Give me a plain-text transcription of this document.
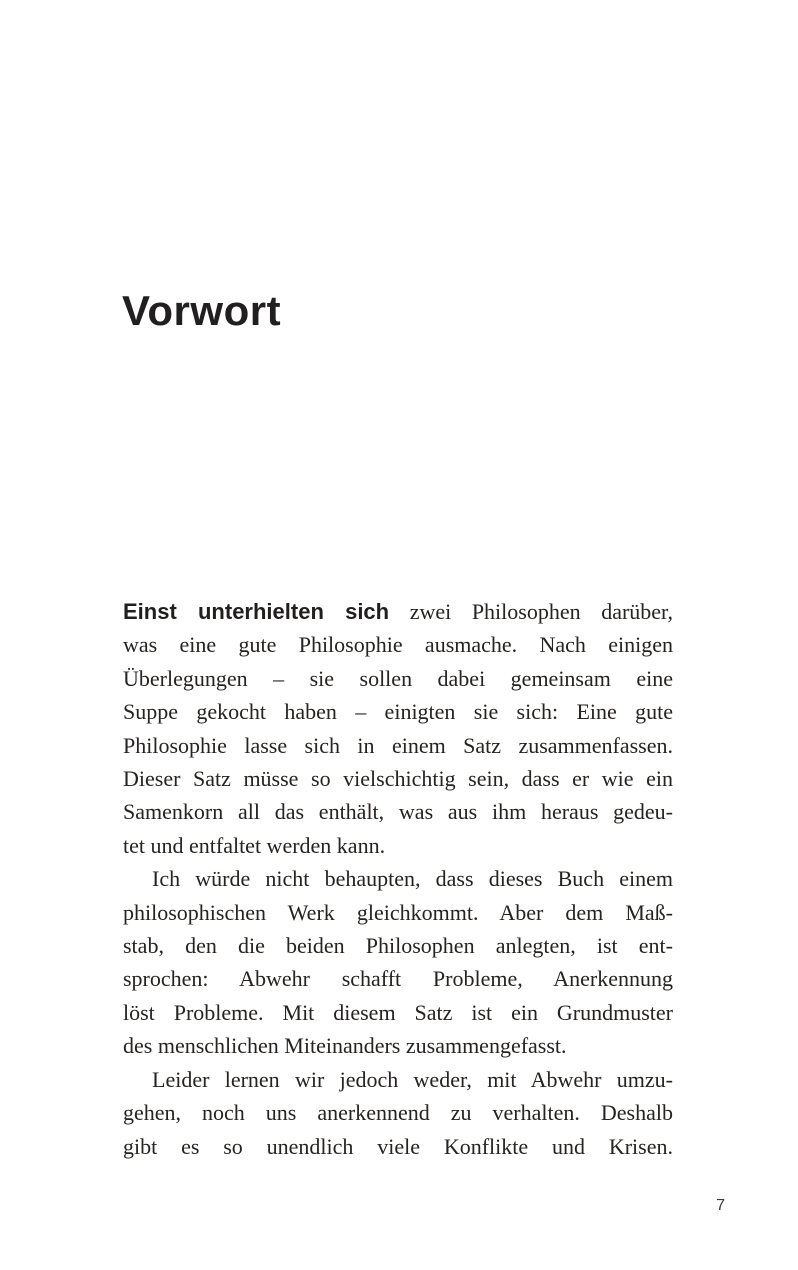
Vorwort
Einst unterhielten sich zwei Philosophen darüber,
was eine gute Philosophie ausmache. Nach einigen
Überlegungen – sie sollen dabei gemeinsam eine
Suppe gekocht haben – einigten sie sich: Eine gute
Philosophie lasse sich in einem Satz zusammenfassen.
Dieser Satz müsse so vielschichtig sein, dass er wie ein
Samenkorn all das enthält, was aus ihm heraus gedeu-
tet und entfaltet werden kann.
Ich würde nicht behaupten, dass dieses Buch einem
philosophischen Werk gleichkommt. Aber dem Maß-
stab, den die beiden Philosophen anlegten, ist ent-
sprochen: Abwehr schafft Probleme, Anerkennung
löst Probleme. Mit diesem Satz ist ein Grundmuster
des menschlichen Miteinanders zusammengefasst.
Leider lernen wir jedoch weder, mit Abwehr umzu-
gehen, noch uns anerkennend zu verhalten. Deshalb
gibt es so unendlich viele Konflikte und Krisen.
7
